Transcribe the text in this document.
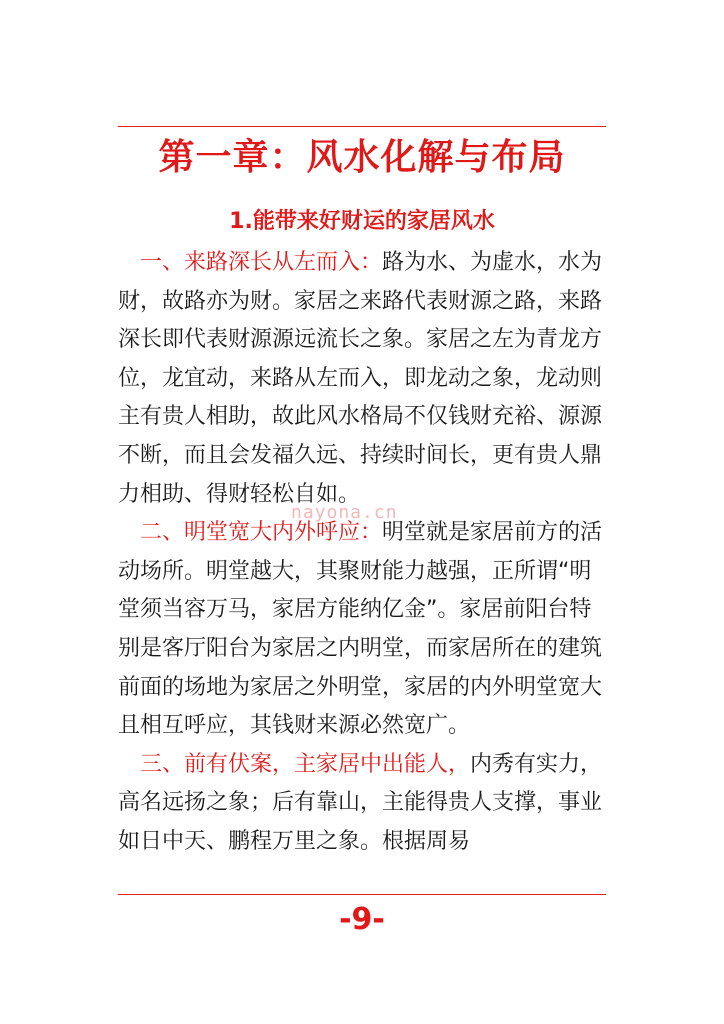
第一章：风水化解与布局
1.能带来好财运的家居风水

一、来路深长从左而入：路为水、为虚水，水为财，故路亦为财。家居之来路代表财源之路，来路深长即代表财源源远流长之象。家居之左为青龙方位，龙宜动，来路从左而入，即龙动之象，龙动则主有贵人相助，故此风水格局不仅钱财充裕、源源不断，而且会发福久远、持续时间长，更有贵人鼎力相助、得财轻松自如。

二、明堂宽大内外呼应：明堂就是家居前方的活动场所。明堂越大，其聚财能力越强，正所谓“明堂须当容万马，家居方能纳亿金”。家居前阳台特别是客厅阳台为家居之内明堂，而家居所在的建筑前面的场地为家居之外明堂，家居的内外明堂宽大且相互呼应，其钱财来源必然宽广。

三、前有伏案，主家居中出能人，内秀有实力，高名远扬之象；后有靠山，主能得贵人支撑，事业如日中天、鹏程万里之象。根据周易

nayona.cn
-9-
